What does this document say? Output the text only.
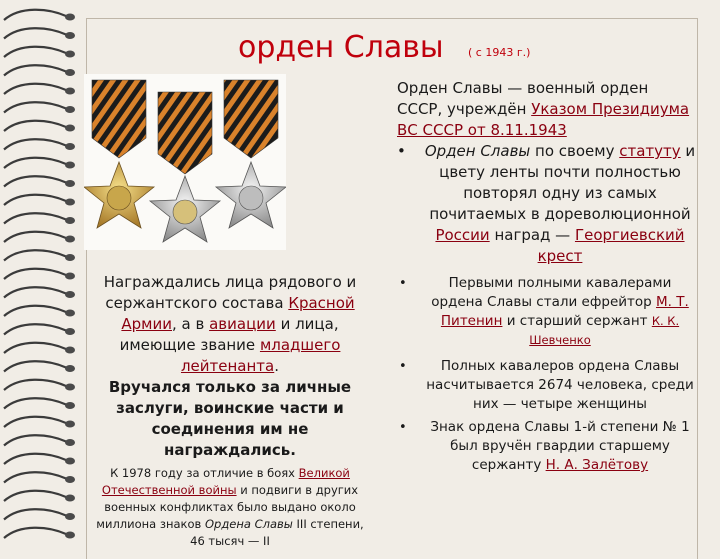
орден Славы ( с 1943 г.)
Награждались лица рядового и сержантского состава Красной Армии, а в авиации и лица, имеющие звание младшего лейтенанта.
Вручался только за личные заслуги, воинские части и соединения им не награждались.
К 1978 году за отличие в боях Великой Отечественной войны и подвиги в других военных конфликтах было выдано около миллиона знаков Ордена Славы III степени, 46 тысяч — II

Орден Славы — военный орден СССР, учреждён Указом Президиума ВС СССР от 8.11.1943

• Орден Славы по своему статуту и цвету ленты почти полностью повторял одну из самых почитаемых в дореволюционной России наград — Георгиевский крест
•	Первыми полными кавалерами ордена Славы стали ефрейтор М. Т. Питенин и старший сержант К. К. Шевченко
•	Полных кавалеров ордена Славы насчитывается 2674 человека, среди них — четыре женщины
• Знак ордена Славы 1-й степени № 1 был вручён гвардии старшему сержанту Н. А. Залётову
